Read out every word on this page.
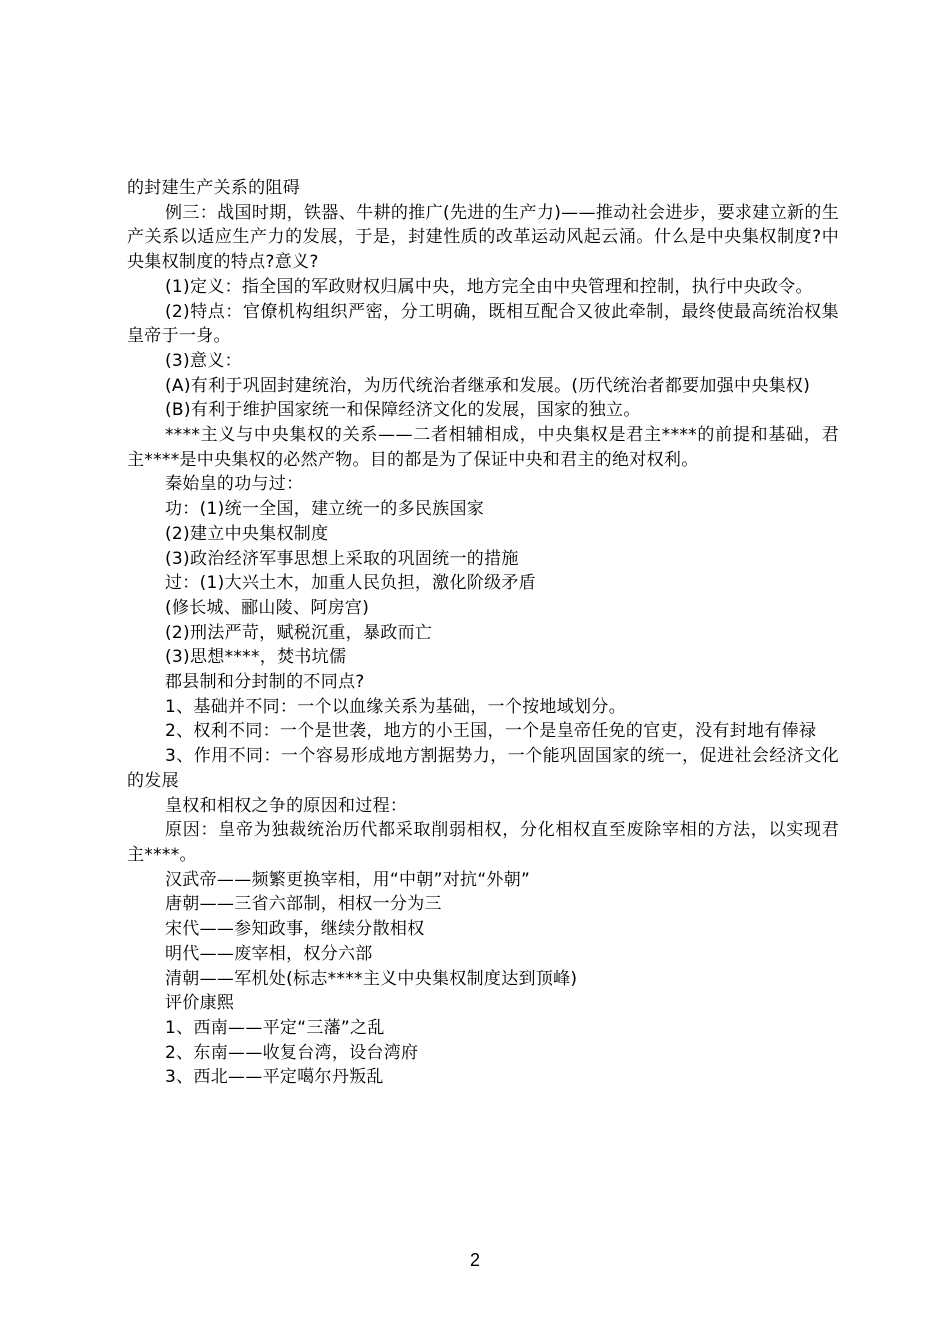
的封建生产关系的阻碍

例三：战国时期，铁器、牛耕的推广(先进的生产力)——推动社会进步，要求建立新的生产关系以适应生产力的发展，于是，封建性质的改革运动风起云涌。什么是中央集权制度?中央集权制度的特点?意义?

(1)定义：指全国的军政财权归属中央，地方完全由中央管理和控制，执行中央政令。

(2)特点：官僚机构组织严密，分工明确，既相互配合又彼此牵制，最终使最高统治权集皇帝于一身。

(3)意义：

(A)有利于巩固封建统治，为历代统治者继承和发展。(历代统治者都要加强中央集权)

(B)有利于维护国家统一和保障经济文化的发展，国家的独立。

****主义与中央集权的关系——二者相辅相成，中央集权是君主****的前提和基础，君主****是中央集权的必然产物。目的都是为了保证中央和君主的绝对权利。

秦始皇的功与过：

功：(1)统一全国，建立统一的多民族国家

(2)建立中央集权制度

(3)政治经济军事思想上采取的巩固统一的措施

过：(1)大兴土木，加重人民负担，激化阶级矛盾

(修长城、郦山陵、阿房宫)

(2)刑法严苛，赋税沉重，暴政而亡

(3)思想****，焚书坑儒

郡县制和分封制的不同点?

1、基础并不同：一个以血缘关系为基础，一个按地域划分。

2、权利不同：一个是世袭，地方的小王国，一个是皇帝任免的官吏，没有封地有俸禄

3、作用不同：一个容易形成地方割据势力，一个能巩固国家的统一，促进社会经济文化的发展

皇权和相权之争的原因和过程：

原因：皇帝为独裁统治历代都采取削弱相权，分化相权直至废除宰相的方法，以实现君主****。

汉武帝——频繁更换宰相，用“中朝”对抗“外朝”

唐朝——三省六部制，相权一分为三

宋代——参知政事，继续分散相权

明代——废宰相，权分六部

清朝——军机处(标志****主义中央集权制度达到顶峰)

评价康熙

1、西南——平定“三藩”之乱

2、东南——收复台湾，设台湾府

3、西北——平定噶尔丹叛乱

2
